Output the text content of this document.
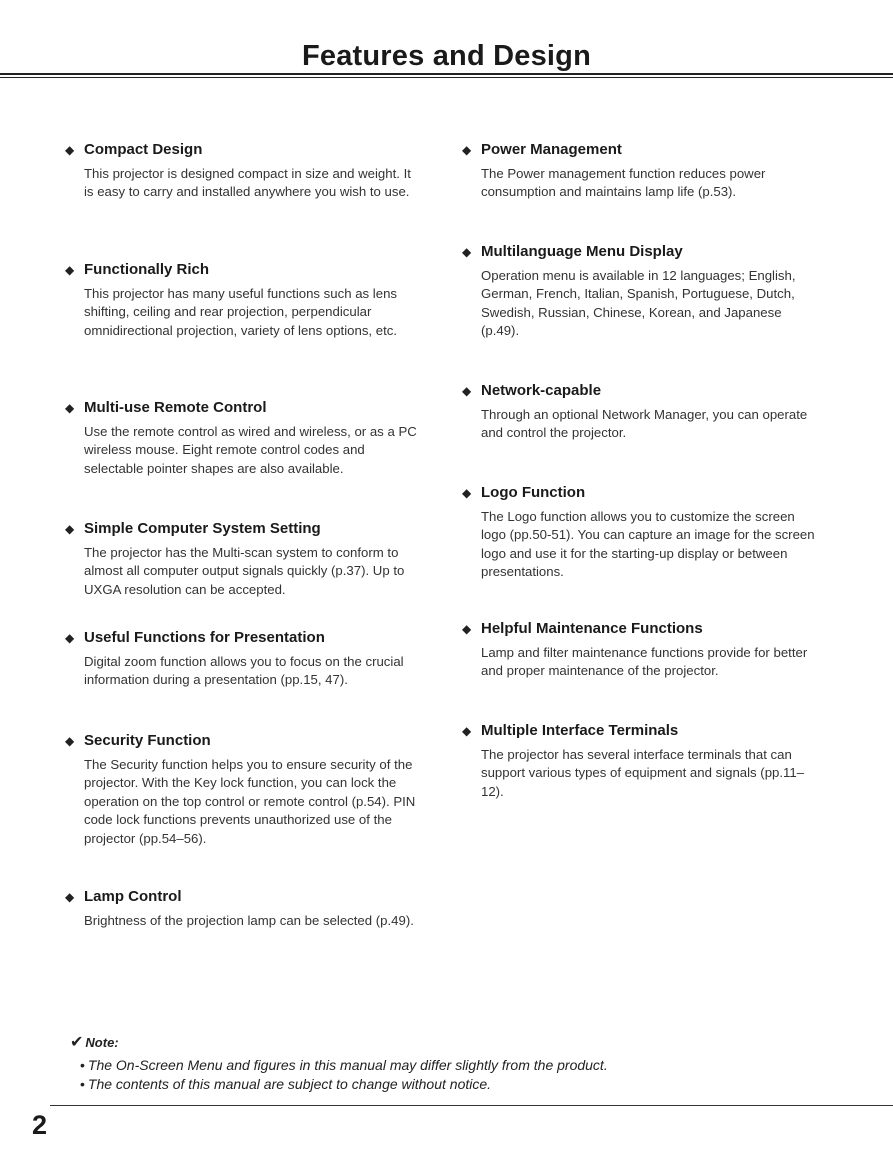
Features and Design
◆ Compact Design
This projector is designed compact in size and weight. It is easy to carry and installed anywhere you wish to use.
◆ Functionally Rich
This projector has many useful functions such as lens shifting, ceiling and rear projection, perpendicular omnidirectional projection, variety of lens options, etc.
◆ Multi-use Remote Control
Use the remote control as wired and wireless, or as a PC wireless mouse. Eight remote control codes and selectable pointer shapes are also available.
◆ Simple Computer System Setting
The projector has the Multi-scan system to conform to almost all computer output signals quickly (p.37). Up to UXGA resolution can be accepted.
◆ Useful Functions for Presentation
Digital zoom function allows you to focus on the crucial information during a presentation (pp.15, 47).
◆ Security Function
The Security function helps you to ensure security of the projector. With the Key lock function, you can lock the operation on the top control or remote control (p.54). PIN code lock functions prevents unauthorized use of the projector (pp.54–56).
◆ Lamp Control
Brightness of the projection lamp can be selected (p.49).
◆ Power Management
The Power management function reduces power consumption and maintains lamp life (p.53).
◆ Multilanguage Menu Display
Operation menu is available in 12 languages; English, German, French, Italian, Spanish, Portuguese, Dutch, Swedish, Russian, Chinese, Korean, and Japanese (p.49).
◆ Network-capable
Through an optional Network Manager, you can operate and control the projector.
◆ Logo Function
The Logo function allows you to customize the screen logo (pp.50-51). You can capture an image for the screen logo and use it for the starting-up display or between presentations.
◆ Helpful Maintenance Functions
Lamp and filter maintenance functions provide for better and proper maintenance of the projector.
◆ Multiple Interface Terminals
The projector has several interface terminals that can support various types of equipment and signals (pp.11–12).
✔ Note:
• The On-Screen Menu and figures in this manual may differ slightly from the product.
• The contents of this manual are subject to change without notice.
2
